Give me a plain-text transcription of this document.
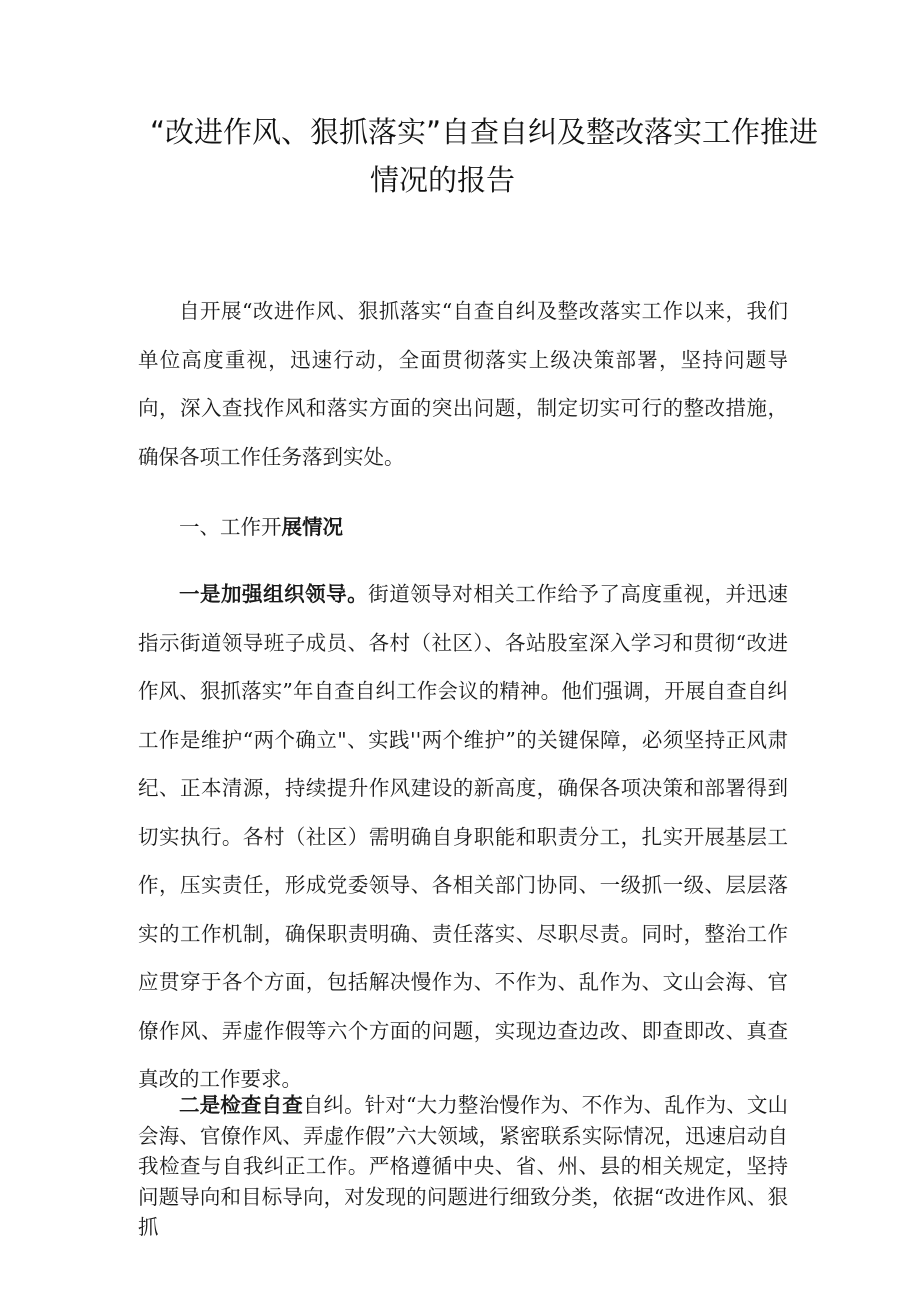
“改进作风、狠抓落实”自查自纠及整改落实工作推进
情况的报告

自开展“改进作风、狠抓落实“自查自纠及整改落实工作以来，我们单位高度重视，迅速行动，全面贯彻落实上级决策部署，坚持问题导向，深入查找作风和落实方面的突出问题，制定切实可行的整改措施，确保各项工作任务落到实处。

一、工作开展情况

一是加强组织领导。街道领导对相关工作给予了高度重视，并迅速指示街道领导班子成员、各村（社区）、各站股室深入学习和贯彻“改进作风、狠抓落实”年自查自纠工作会议的精神。他们强调，开展自查自纠工作是维护“两个确立"、实践''两个维护”的关键保障，必须坚持正风肃纪、正本清源，持续提升作风建设的新高度，确保各项决策和部署得到切实执行。各村（社区）需明确自身职能和职责分工，扎实开展基层工作，压实责任，形成党委领导、各相关部门协同、一级抓一级、层层落实的工作机制，确保职责明确、责任落实、尽职尽责。同时，整治工作应贯穿于各个方面，包括解决慢作为、不作为、乱作为、文山会海、官僚作风、弄虚作假等六个方面的问题，实现边查边改、即查即改、真查真改的工作要求。

二是检查自查自纠。针对“大力整治慢作为、不作为、乱作为、文山会海、官僚作风、弄虚作假”六大领域，紧密联系实际情况，迅速启动自我检查与自我纠正工作。严格遵循中央、省、州、县的相关规定，坚持问题导向和目标导向，对发现的问题进行细致分类，依据“改进作风、狠抓
